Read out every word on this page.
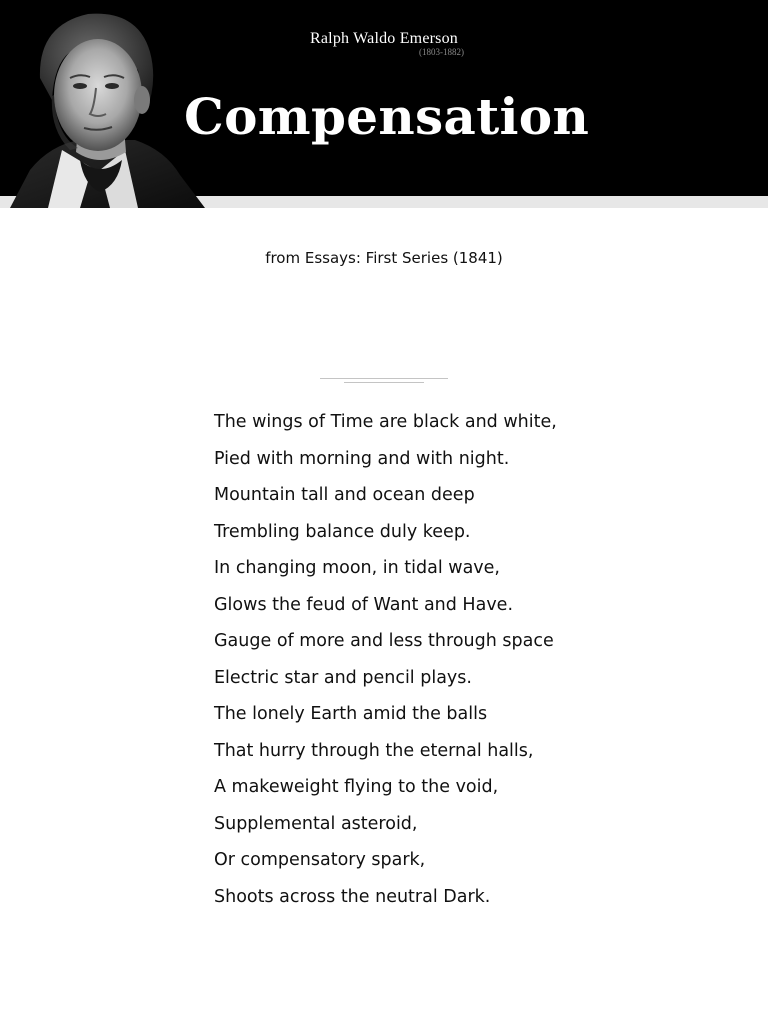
Ralph Waldo Emerson
(1803-1882)
Compensation
from Essays: First Series (1841)
The wings of Time are black and white,
Pied with morning and with night.
Mountain tall and ocean deep
Trembling balance duly keep.
In changing moon, in tidal wave,
Glows the feud of Want and Have.
Gauge of more and less through space
Electric star and pencil plays.
The lonely Earth amid the balls
That hurry through the eternal halls,
A makeweight flying to the void,
Supplemental asteroid,
Or compensatory spark,
Shoots across the neutral Dark.
